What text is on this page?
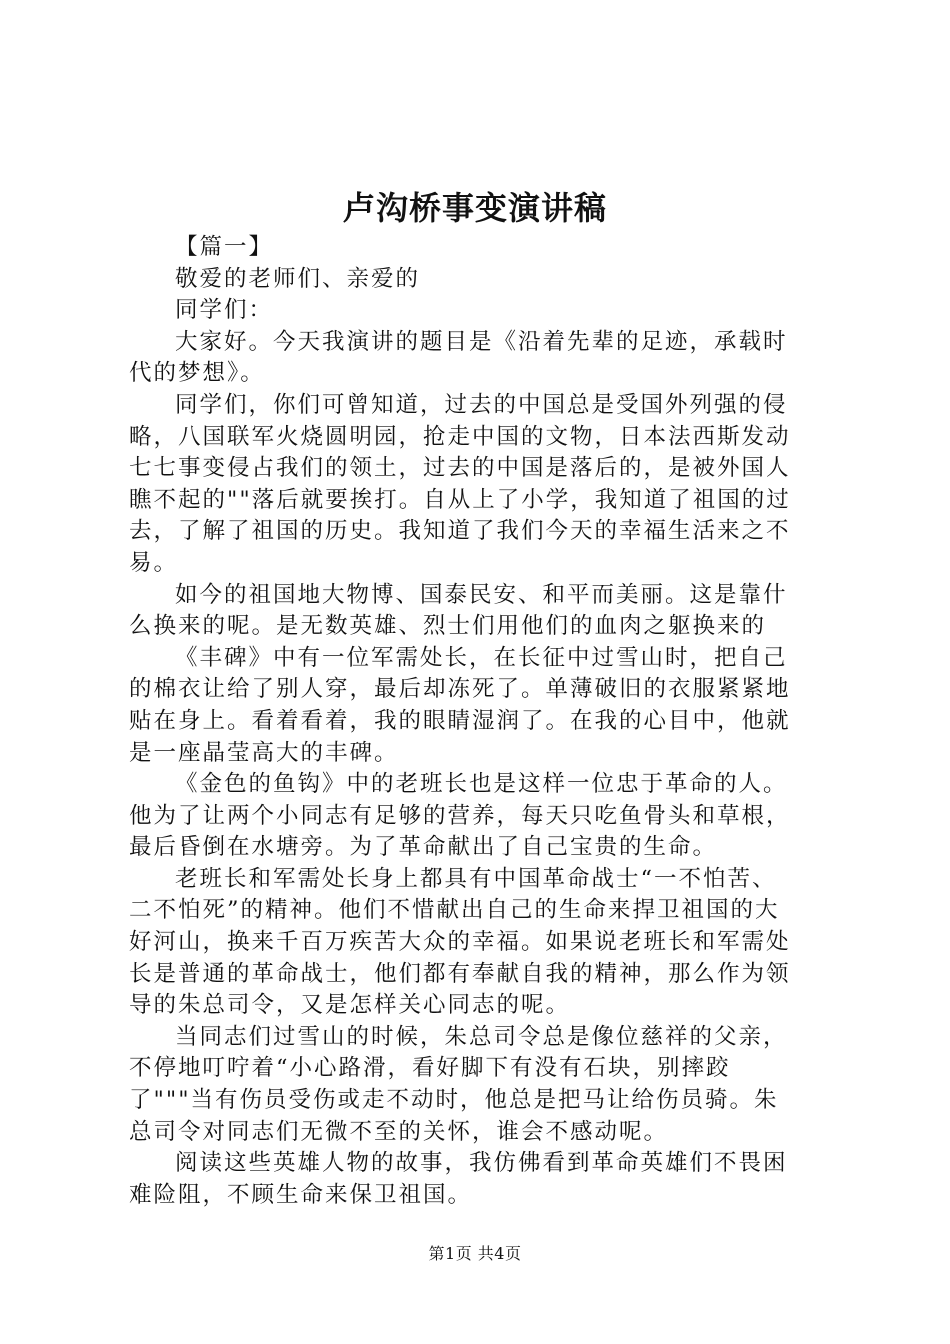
卢沟桥事变演讲稿
【篇一】
敬爱的老师们、亲爱的
同学们：
大家好。今天我演讲的题目是《沿着先辈的足迹，承载时
代的梦想》。
同学们，你们可曾知道，过去的中国总是受国外列强的侵
略，八国联军火烧圆明园，抢走中国的文物，日本法西斯发动
七七事变侵占我们的领土，过去的中国是落后的，是被外国人
瞧不起的""落后就要挨打。自从上了小学，我知道了祖国的过
去，了解了祖国的历史。我知道了我们今天的幸福生活来之不
易。
如今的祖国地大物博、国泰民安、和平而美丽。这是靠什
么换来的呢。是无数英雄、烈士们用他们的血肉之躯换来的
《丰碑》中有一位军需处长，在长征中过雪山时，把自己
的棉衣让给了别人穿，最后却冻死了。单薄破旧的衣服紧紧地
贴在身上。看着看着，我的眼睛湿润了。在我的心目中，他就
是一座晶莹高大的丰碑。
《金色的鱼钩》中的老班长也是这样一位忠于革命的人。
他为了让两个小同志有足够的营养，每天只吃鱼骨头和草根，
最后昏倒在水塘旁。为了革命献出了自己宝贵的生命。
老班长和军需处长身上都具有中国革命战士“一不怕苦、
二不怕死”的精神。他们不惜献出自己的生命来捍卫祖国的大
好河山，换来千百万疾苦大众的幸福。如果说老班长和军需处
长是普通的革命战士，他们都有奉献自我的精神，那么作为领
导的朱总司令，又是怎样关心同志的呢。
当同志们过雪山的时候，朱总司令总是像位慈祥的父亲，
不停地叮咛着“小心路滑，看好脚下有没有石块，别摔跤
了"""当有伤员受伤或走不动时，他总是把马让给伤员骑。朱
总司令对同志们无微不至的关怀，谁会不感动呢。
阅读这些英雄人物的故事，我仿佛看到革命英雄们不畏困
难险阻，不顾生命来保卫祖国。
第1页 共4页
